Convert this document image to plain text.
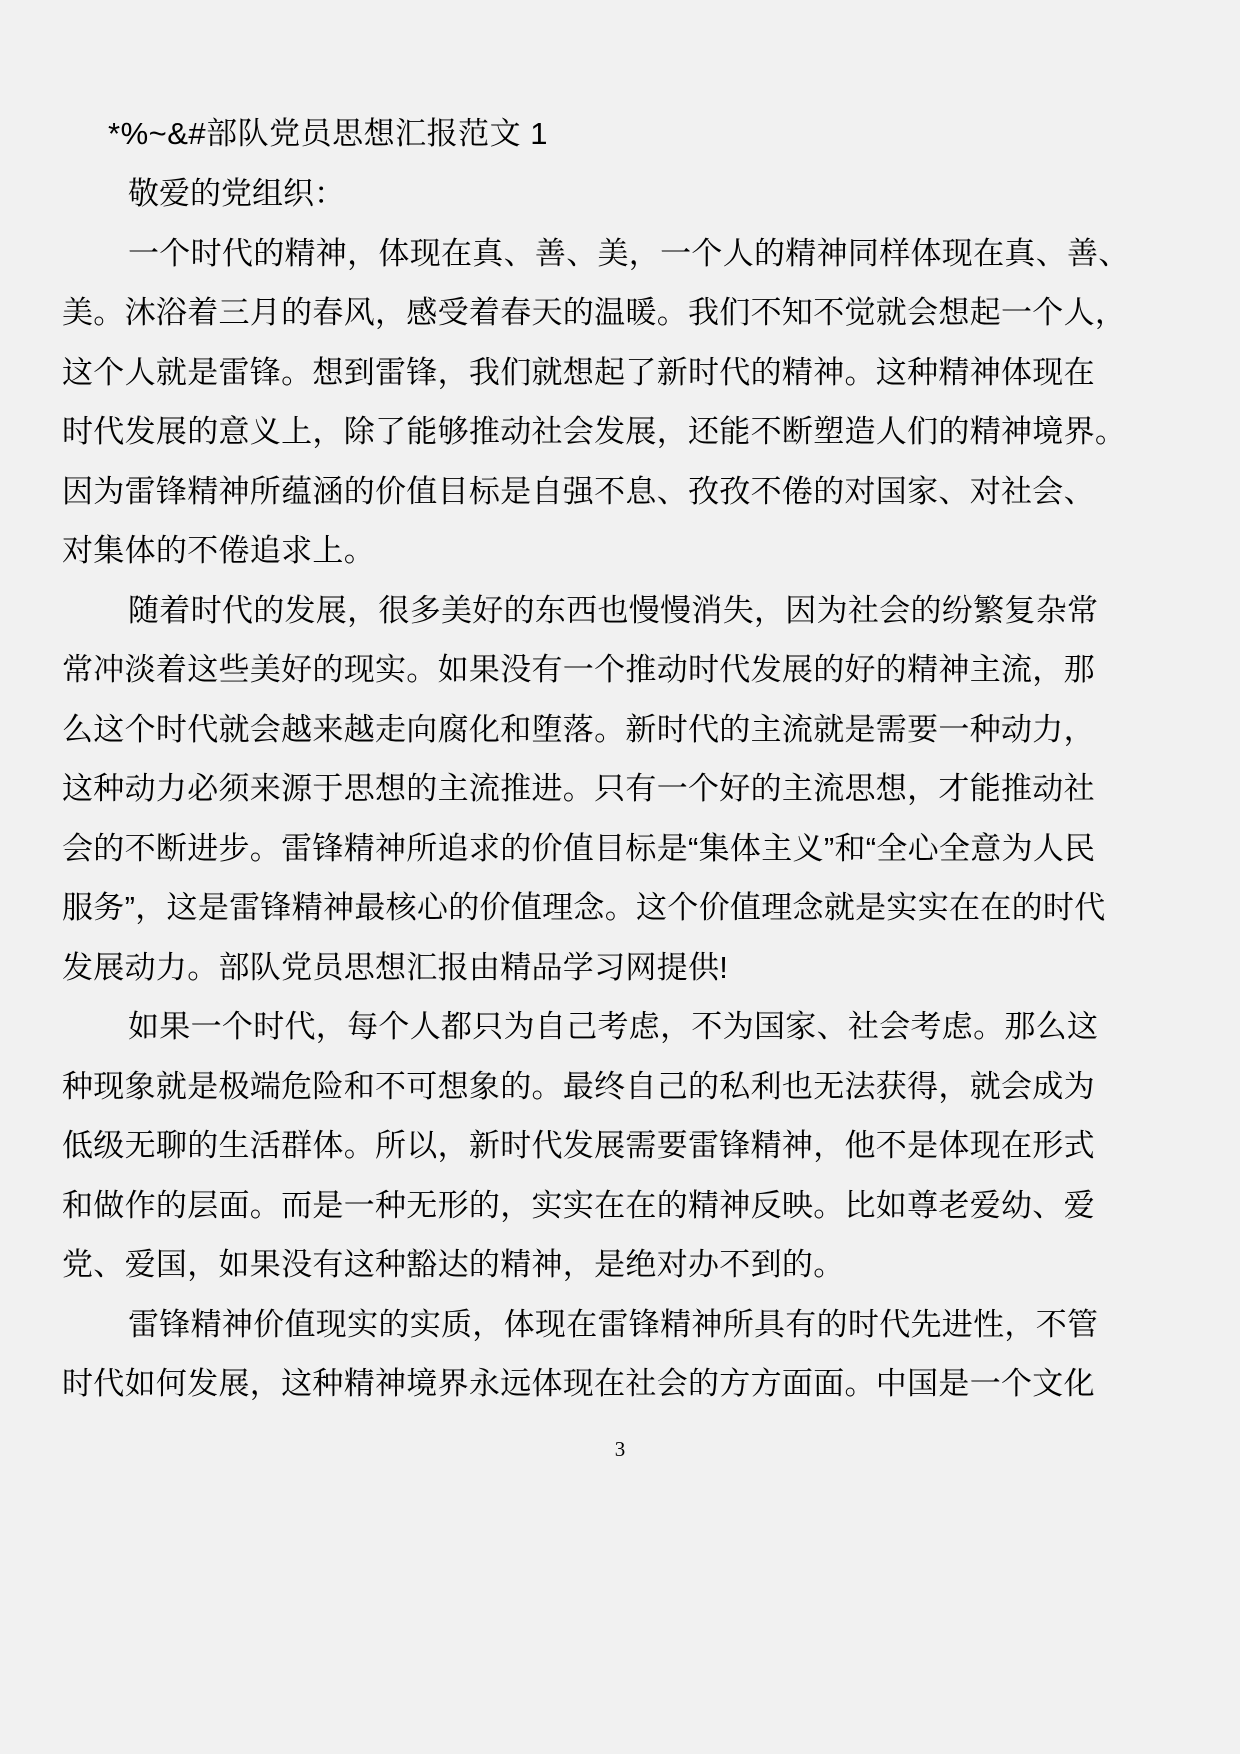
*%~&#部队党员思想汇报范文 1
敬爱的党组织：
一个时代的精神，体现在真、善、美，一个人的精神同样体现在真、善、
美。沐浴着三月的春风，感受着春天的温暖。我们不知不觉就会想起一个人，
这个人就是雷锋。想到雷锋，我们就想起了新时代的精神。这种精神体现在
时代发展的意义上，除了能够推动社会发展，还能不断塑造人们的精神境界。
因为雷锋精神所蕴涵的价值目标是自强不息、孜孜不倦的对国家、对社会、
对集体的不倦追求上。
随着时代的发展，很多美好的东西也慢慢消失，因为社会的纷繁复杂常
常冲淡着这些美好的现实。如果没有一个推动时代发展的好的精神主流，那
么这个时代就会越来越走向腐化和堕落。新时代的主流就是需要一种动力，
这种动力必须来源于思想的主流推进。只有一个好的主流思想，才能推动社
会的不断进步。雷锋精神所追求的价值目标是“集体主义”和“全心全意为人民
服务”，这是雷锋精神最核心的价值理念。这个价值理念就是实实在在的时代
发展动力。部队党员思想汇报由精品学习网提供!
如果一个时代，每个人都只为自己考虑，不为国家、社会考虑。那么这
种现象就是极端危险和不可想象的。最终自己的私利也无法获得，就会成为
低级无聊的生活群体。所以，新时代发展需要雷锋精神，他不是体现在形式
和做作的层面。而是一种无形的，实实在在的精神反映。比如尊老爱幼、爱
党、爱国，如果没有这种豁达的精神，是绝对办不到的。
雷锋精神价值现实的实质，体现在雷锋精神所具有的时代先进性，不管
时代如何发展，这种精神境界永远体现在社会的方方面面。中国是一个文化
3
